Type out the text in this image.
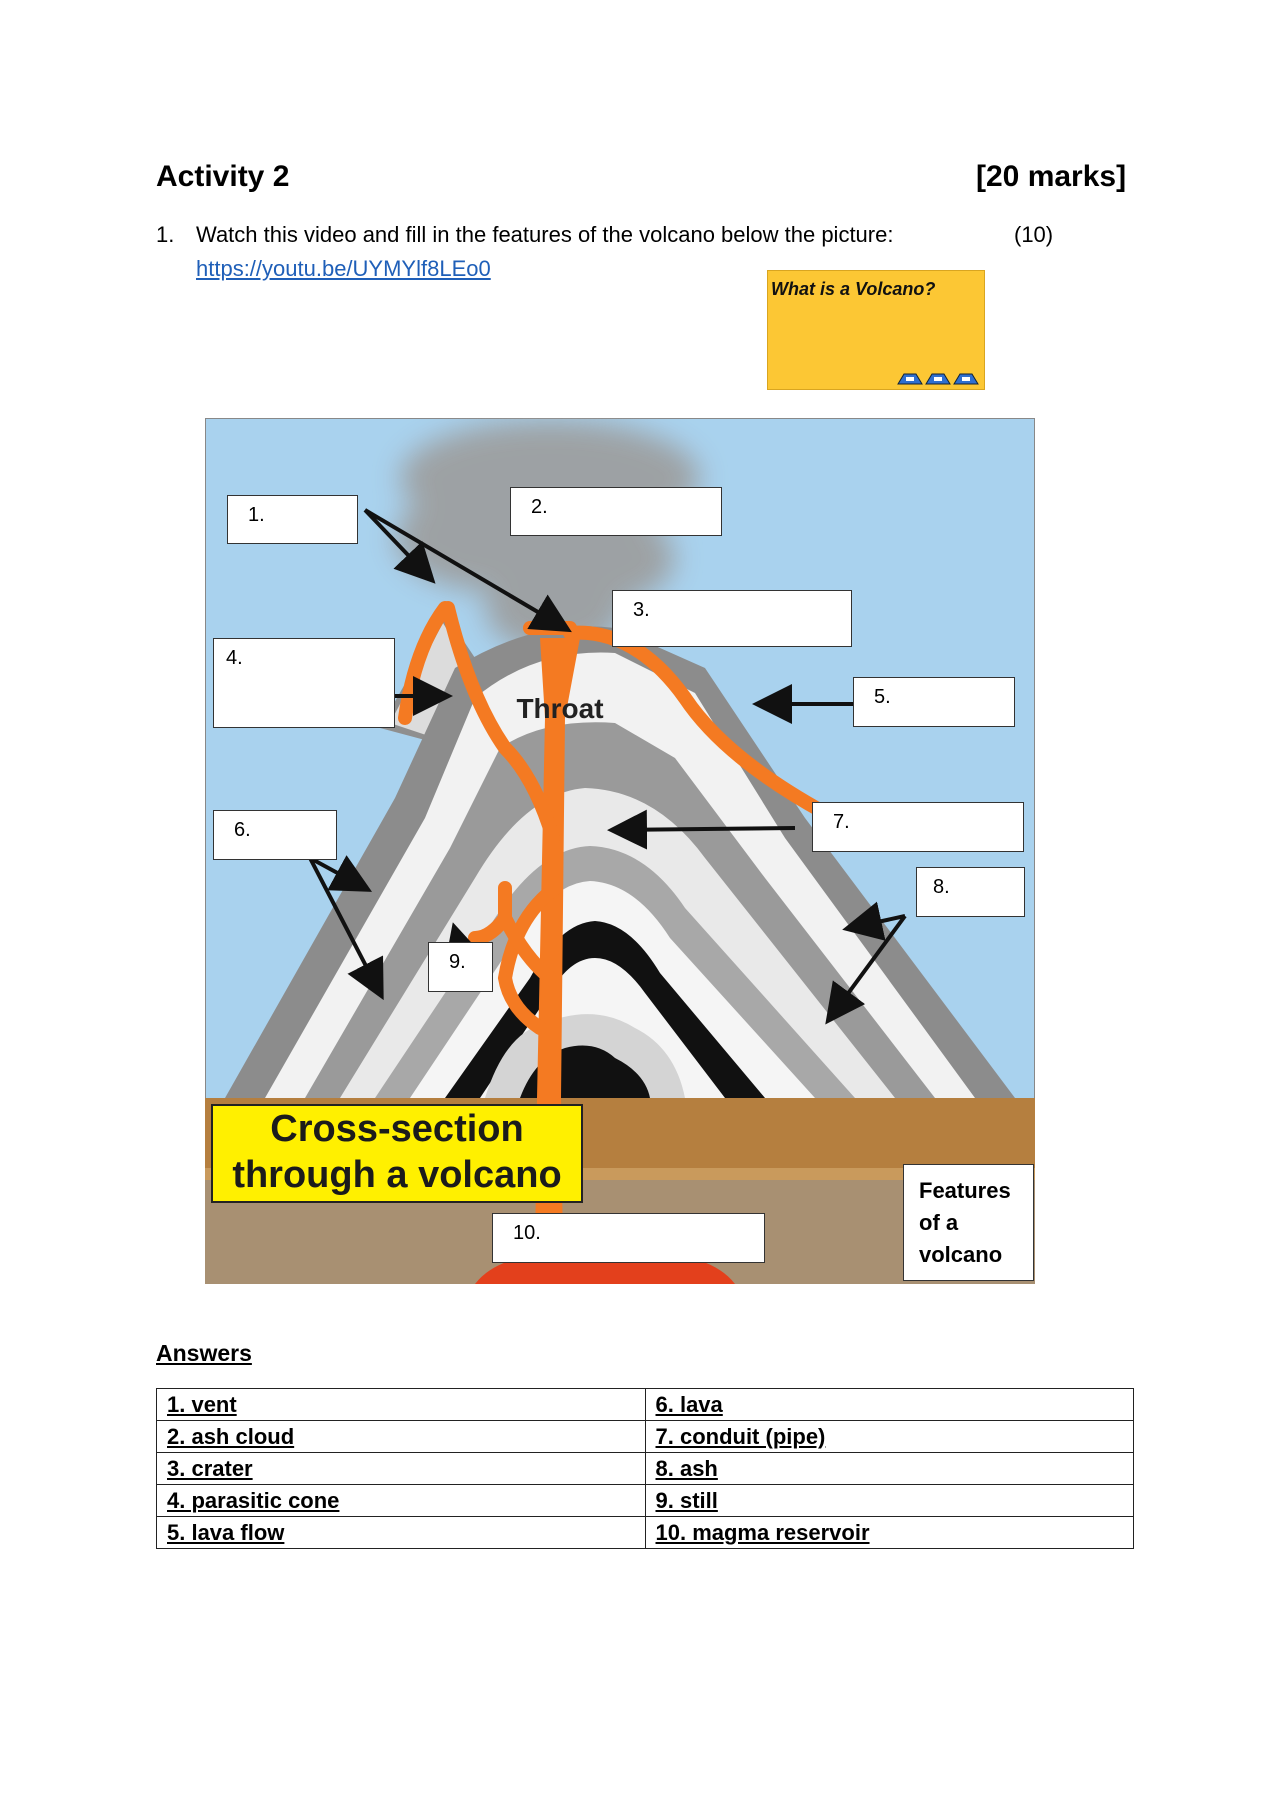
Activity 2	[20 marks]
1. Watch this video and fill in the features of the volcano below the picture:	(10)
https://youtu.be/UYMYlf8LEo0
What is a Volcano?
Throat
1.	2.
3.
4.
5.
6.	7.
8.
9.
10.
Cross-section
through a volcano	Features
of a
volcano
Answers
1. vent	6. lava
2. ash cloud	7. conduit (pipe)
3. crater	8. ash
4. parasitic cone	9. still
5. lava flow	10. magma reservoir
